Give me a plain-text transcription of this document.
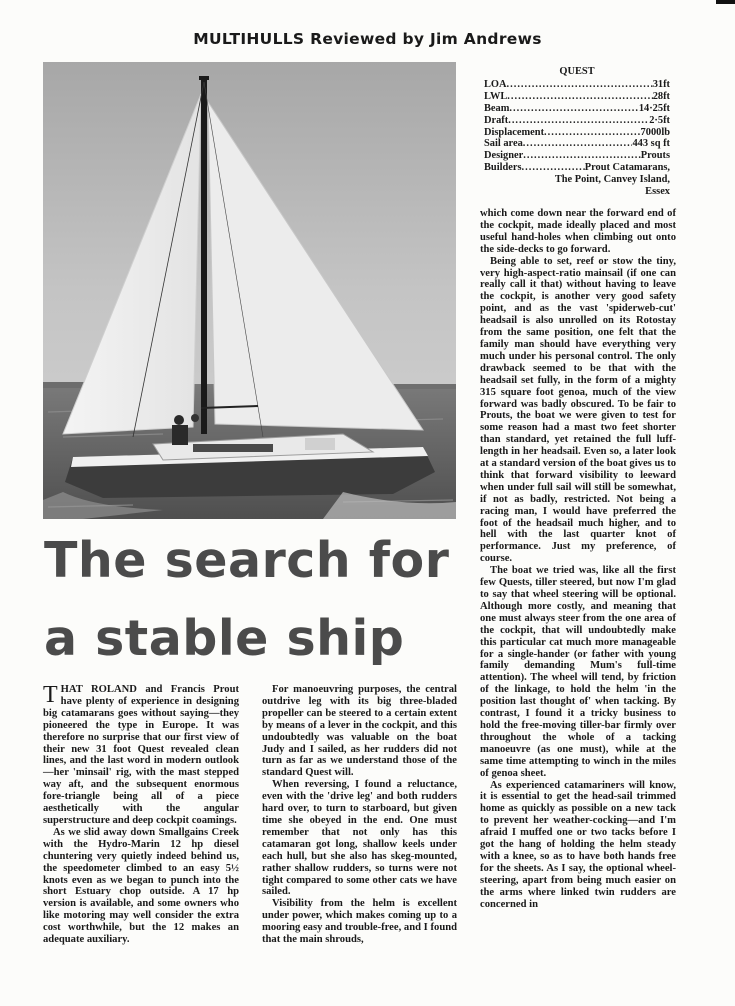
MULTIHULLS Reviewed by Jim Andrews
QUEST
LOA .....	31ft
LWL .....	28ft
Beam .....	14·25ft
Draft .....	2·5ft
Displacement .....	7000lb
Sail area .....	443 sq ft
Designer .....	Prouts
Builders .....	Prout Catamarans,
The Point, Canvey Island,
Essex
The search for
a stable ship

THAT ROLAND and Francis Prout have plenty of experience in designing big catamarans goes without saying—they pioneered the type in Europe. It was therefore no surprise that our first view of their new 31 foot Quest revealed clean lines, and the last word in modern outlook—her 'minsail' rig, with the mast stepped way aft, and the subsequent enormous fore-triangle being all of a piece aesthetically with the angular superstructure and deep cockpit coamings.

As we slid away down Smallgains Creek with the Hydro-Marin 12 hp diesel chuntering very quietly indeed behind us, the speedometer climbed to an easy 5½ knots even as we began to punch into the short Estuary chop outside. A 17 hp version is available, and some owners who like motoring may well consider the extra cost worthwhile, but the 12 makes an adequate auxiliary.

For manoeuvring purposes, the central outdrive leg with its big three-bladed propeller can be steered to a certain extent by means of a lever in the cockpit, and this undoubtedly was valuable on the boat Judy and I sailed, as her rudders did not turn as far as we understand those of the standard Quest will.

When reversing, I found a reluctance, even with the 'drive leg' and both rudders hard over, to turn to starboard, but given time she obeyed in the end. One must remember that not only has this catamaran got long, shallow keels under each hull, but she also has skeg-mounted, rather shallow rudders, so turns were not tight compared to some other cats we have sailed.

Visibility from the helm is excellent under power, which makes coming up to a mooring easy and trouble-free, and I found that the main shrouds,

which come down near the forward end of the cockpit, made ideally placed and most useful hand-holes when climbing out onto the side-decks to go forward.

Being able to set, reef or stow the tiny, very high-aspect-ratio mainsail (if one can really call it that) without having to leave the cockpit, is another very good safety point, and as the vast 'spiderweb-cut' headsail is also unrolled on its Rotostay from the same position, one felt that the family man should have everything very much under his personal control. The only drawback seemed to be that with the headsail set fully, in the form of a mighty 315 square foot genoa, much of the view forward was badly obscured. To be fair to Prouts, the boat we were given to test for some reason had a mast two feet shorter than standard, yet retained the full luff-length in her headsail. Even so, a later look at a standard version of the boat gives us to think that forward visibility to leeward when under full sail will still be somewhat, if not as badly, restricted. Not being a racing man, I would have preferred the foot of the headsail much higher, and to hell with the last quarter knot of performance. Just my preference, of course.

The boat we tried was, like all the first few Quests, tiller steered, but now I'm glad to say that wheel steering will be optional. Although more costly, and meaning that one must always steer from the one area of the cockpit, that will undoubtedly make this particular cat much more manageable for a single-hander (or father with young family demanding Mum's full-time attention). The wheel will tend, by friction of the linkage, to hold the helm 'in the position last thought of' when tacking. By contrast, I found it a tricky business to hold the free-moving tiller-bar firmly over throughout the whole of a tacking manoeuvre (as one must), while at the same time attempting to winch in the miles of genoa sheet.

As experienced catamariners will know, it is essential to get the head-sail trimmed home as quickly as possible on a new tack to prevent her weather-cocking—and I'm afraid I muffed one or two tacks before I got the hang of holding the helm steady with a knee, so as to have both hands free for the sheets. As I say, the optional wheel-steering, apart from being much easier on the arms where linked twin rudders are concerned in
